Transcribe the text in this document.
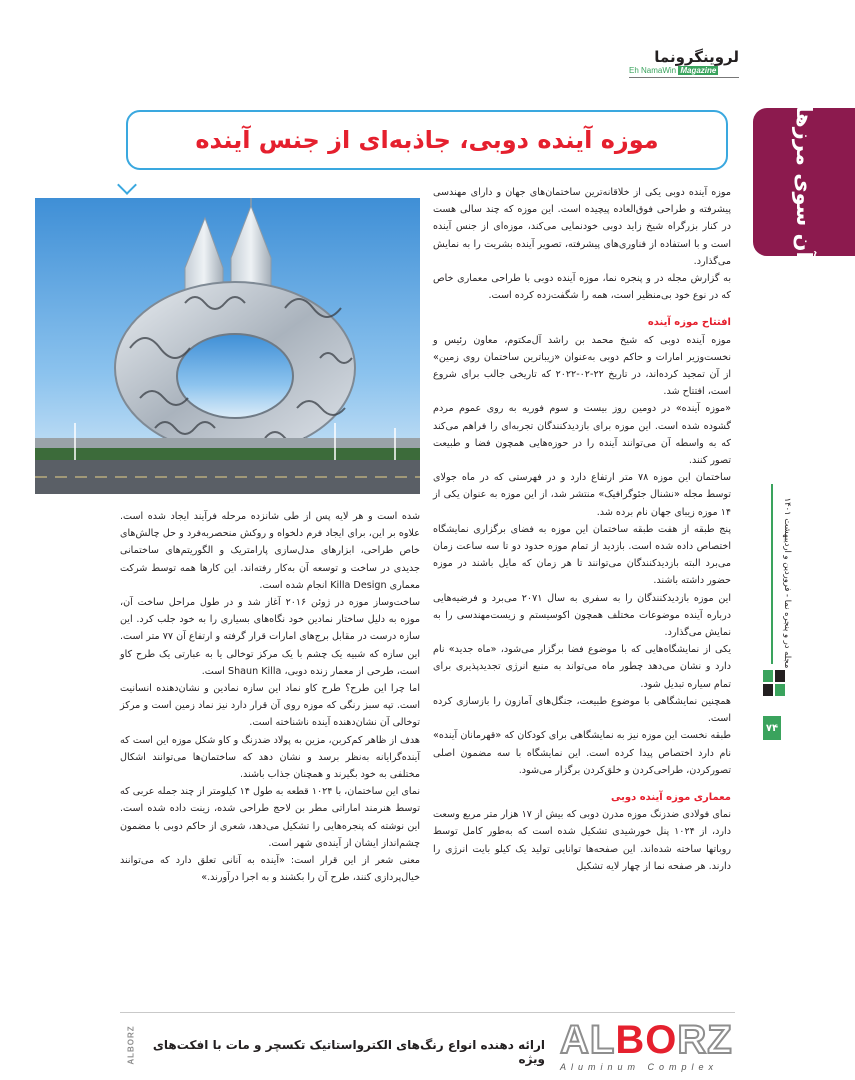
لروینگرونما
Eh NamaWin Magazine
آن سوی مرزها
موزه آینده دوبی، جاذبه‌ای از جنس آینده

موزه آینده دوبی یکی از خلاقانه‌ترین ساختمان‌های جهان و دارای مهندسی پیشرفته و طراحی فوق‌العاده پیچیده است. این موزه که چند سالی هست در کنار بزرگراه شیخ زاید دوبی خودنمایی می‌کند، موزه‌ای از جنس آینده است و با استفاده از فناوری‌های پیشرفته، تصویر آینده بشریت را به نمایش می‌گذارد.

به گزارش مجله در و پنجره نما، موزه آینده دوبی با طراحی معماری خاص که در نوع خود بی‌منظیر است، همه را شگفت‌زده کرده است.

افتتاح موزه آینده

موزه آینده دوبی که شیخ محمد بن راشد آل‌مکتوم، معاون رئیس و نخست‌وزیر امارات و حاکم دوبی به‌عنوان «زیباترین ساختمان روی زمین» از آن تمجید کرده‌اند، در تاریخ ۲۲-۰۲-۲۰۲۲ که تاریخی جالب برای شروع است، افتتاح شد.

«موزه آینده» در دومین روز بیست و سوم فوریه به روی عموم مردم گشوده شده است. این موزه برای بازدیدکنندگان تجربه‌ای را فراهم می‌کند که به واسطه آن می‌توانند آینده را در حوزه‌هایی همچون فضا و طبیعت تصور کنند.

ساختمان این موزه ۷۸ متر ارتفاع دارد و در فهرستی که در ماه جولای توسط مجله «نشنال جئوگرافیک» منتشر شد، از این موزه به عنوان یکی از ۱۴ موزه زیبای جهان نام برده شد.

پنج طبقه از هفت طبقه ساختمان این موزه به فضای برگزاری نمایشگاه اختصاص داده شده است. بازدید از تمام موزه حدود دو تا سه ساعت زمان می‌برد البته بازدیدکنندگان می‌توانند تا هر زمان که مایل باشند در موزه حضور داشته باشند.

این موزه بازدیدکنندگان را به سفری به سال ۲۰۷۱ می‌برد و فرضیه‌هایی درباره آینده موضوعات مختلف همچون اکوسیستم و زیست‌مهندسی را به نمایش می‌گذارد.

یکی از نمایشگاه‌هایی که با موضوع فضا برگزار می‌شود، «ماه جدید» نام دارد و نشان می‌دهد چطور ماه می‌تواند به منبع انرژی تجدیدپذیری برای تمام سیاره تبدیل شود.

همچنین نمایشگاهی با موضوع طبیعت، جنگل‌های آمازون را بازسازی کرده است.

طبقه نخست این موزه نیز به نمایشگاهی برای کودکان که «قهرمانان آینده» نام دارد اختصاص پیدا کرده است. این نمایشگاه با سه مضمون اصلی تصورکردن، طراحی‌کردن و خلق‌کردن برگزار می‌شود.

معماری موزه آینده دوبی

نمای فولادی ضدزنگ موزه مدرن دوبی که بیش از ۱۷ هزار متر مربع وسعت دارد، از ۱۰۲۴ پنل خورشیدی تشکیل شده است که به‌طور کامل توسط روباتها ساخته شده‌اند. این صفحه‌ها توانایی تولید یک کیلو بایت انرژی را دارند. هر صفحه نما از چهار لایه تشکیل

شده است و هر لایه پس از طی شانزده مرحله فرآیند ایجاد شده است. علاوه بر این، برای ایجاد فرم دلخواه و روکش منحصربه‌فرد و حل چالش‌های خاص طراحی، ابزارهای مدل‌سازی پارامتریک و الگوریتم‌های ساختمانی جدیدی در ساخت و توسعه آن به‌کار رفته‌اند. این کارها همه توسط شرکت معماری Killa Design انجام شده است.

ساخت‌وساز موزه در ژوئن ۲۰۱۶ آغاز شد و در طول مراحل ساخت آن، موزه به دلیل ساختار نمادین خود نگاه‌های بسیاری را به خود جلب کرد. این سازه درست در مقابل برج‌های امارات قرار گرفته و ارتفاع آن ۷۷ متر است. این سازه که شبیه یک چشم با یک مرکز توخالی یا به عبارتی یک طرح کاو است، طرحی از معمار زنده دوبی، Shaun Killa است.

اما چرا این طرح؟ طرح کاو نماد این سازه نمادین و نشان‌دهنده انسانیت است. تپه سبز رنگی که موزه روی آن قرار دارد نیز نماد زمین است و مرکز توخالی آن نشان‌دهنده آینده ناشناخته است.

هدف از ظاهر کم‌کربن، مزین به پولاد ضدزنگ و کاو شکل موزه این است که آینده‌گرایانه به‌نظر برسد و نشان دهد که ساختمان‌ها می‌توانند اشکال مختلفی به خود بگیرند و همچنان جذاب باشند.

نمای این ساختمان، با ۱۰۲۴ قطعه به طول ۱۴ کیلومتر از چند جمله عربی که توسط هنرمند اماراتی مطر بن لاحج طراحی شده، زینت داده شده است. این نوشته که پنجره‌هایی را تشکیل می‌دهد، شعری از حاکم دوبی با مضمون چشم‌انداز ایشان از آینده‌ی شهر است.

معنی شعر از این قرار است: «آینده به آنانی تعلق دارد که می‌توانند خیال‌پردازی کنند، طرح آن را بکشند و به اجرا درآورند.»

مجله در و پنجره نما - فروردین و اردیبهشت ۱۴۰۱
۷۴
ALBORZ
Aluminum Complex
ارائه دهنده انواع رنگ‌های الکترواستاتیک تکسچر و مات با افکت‌های ویژه
ALBORZ
